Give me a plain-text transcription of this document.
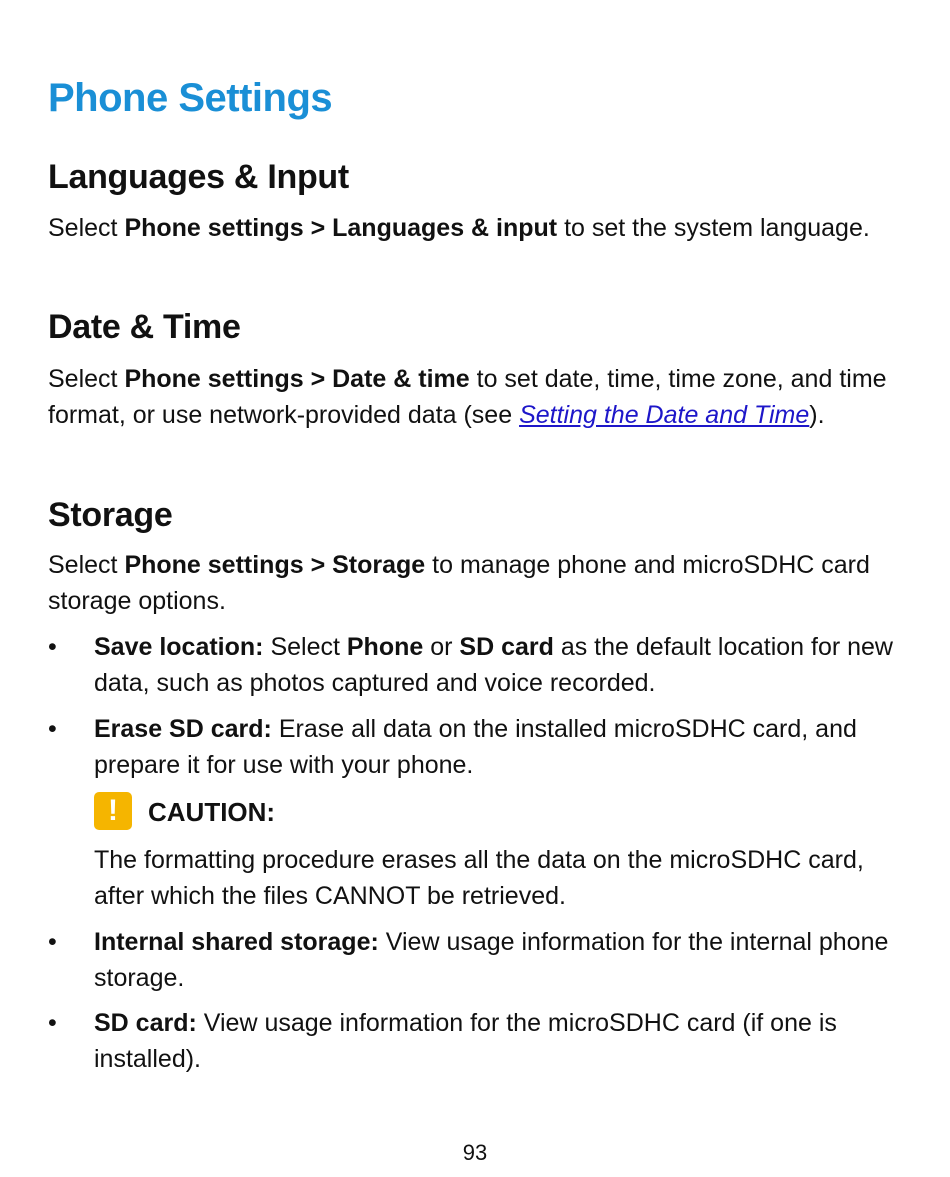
Phone Settings
Languages & Input

Select Phone settings > Languages & input to set the system language.

Date & Time

Select Phone settings > Date & time to set date, time, time zone, and time format, or use network-provided data (see Setting the Date and Time).

Storage

Select Phone settings > Storage to manage phone and microSDHC card storage options.

•	Save location: Select Phone or SD card as the default location for new data, such as photos captured and voice recorded.
•	Erase SD card: Erase all data on the installed microSDHC card, and prepare it for use with your phone.
!	CAUTION:

The formatting procedure erases all the data on the microSDHC card, after which the files CANNOT be retrieved.

•	Internal shared storage: View usage information for the internal phone storage.
•	SD card: View usage information for the microSDHC card (if one is installed).
93
